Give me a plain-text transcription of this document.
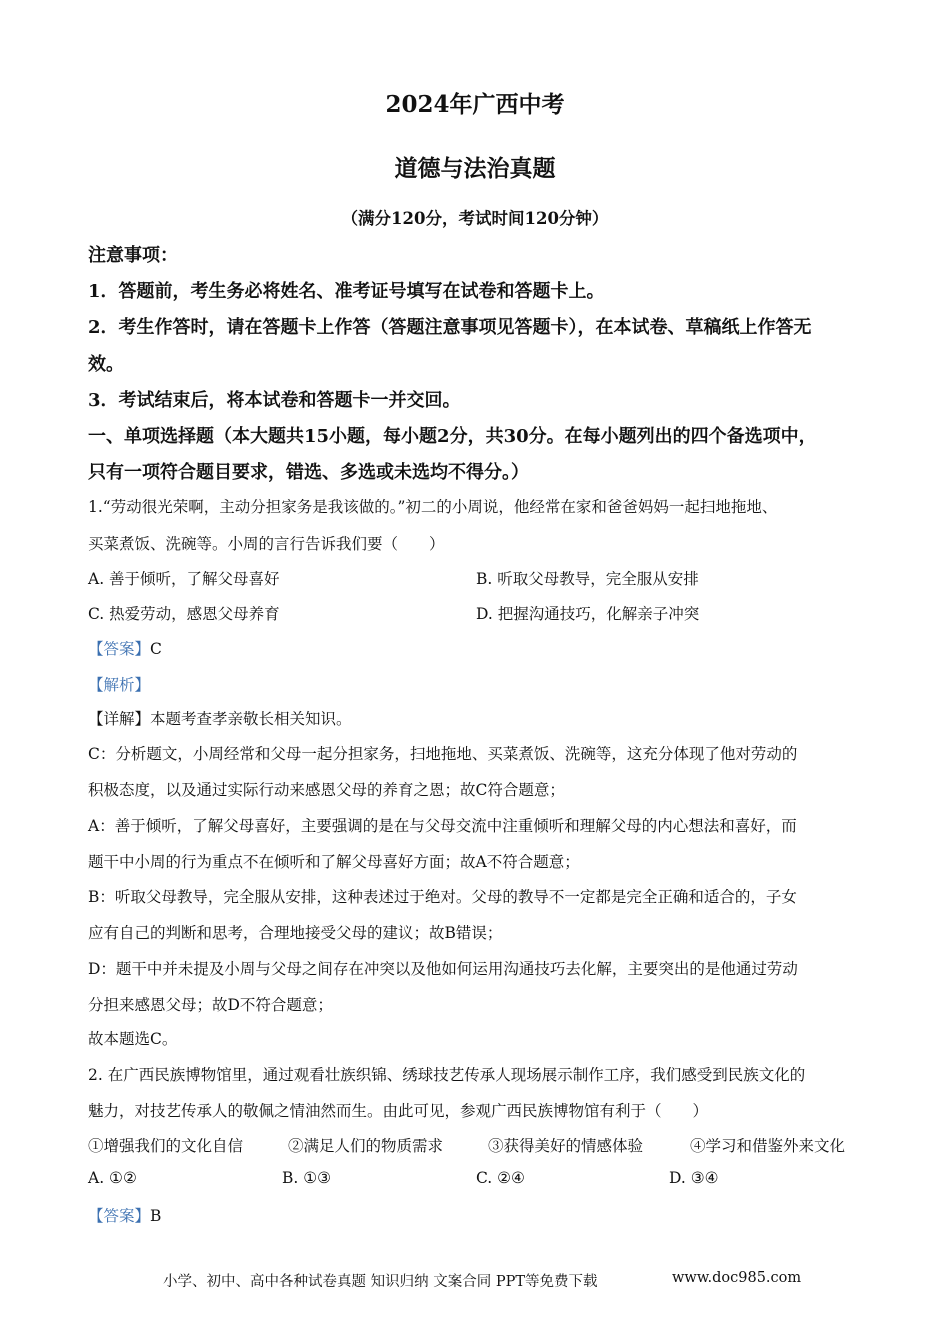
2024年广西中考
道德与法治真题
（满分120分，考试时间120分钟）
注意事项：
1．答题前，考生务必将姓名、准考证号填写在试卷和答题卡上。
2．考生作答时，请在答题卡上作答（答题注意事项见答题卡），在本试卷、草稿纸上作答无
效。
3．考试结束后，将本试卷和答题卡一并交回。
一、单项选择题（本大题共15小题，每小题2分，共30分。在每小题列出的四个备选项中，
只有一项符合题目要求，错选、多选或未选均不得分。）
1.“劳动很光荣啊，主动分担家务是我该做的。”初二的小周说，他经常在家和爸爸妈妈一起扫地拖地、
买菜煮饭、洗碗等。小周的言行告诉我们要（　　）
A. 善于倾听，了解父母喜好	B. 听取父母教导，完全服从安排
C. 热爱劳动，感恩父母养育	D. 把握沟通技巧，化解亲子冲突
【答案】C
【解析】
【详解】本题考查孝亲敬长相关知识。
C：分析题文，小周经常和父母一起分担家务，扫地拖地、买菜煮饭、洗碗等，这充分体现了他对劳动的
积极态度，以及通过实际行动来感恩父母的养育之恩；故C符合题意；
A：善于倾听，了解父母喜好，主要强调的是在与父母交流中注重倾听和理解父母的内心想法和喜好，而
题干中小周的行为重点不在倾听和了解父母喜好方面；故A不符合题意；
B：听取父母教导，完全服从安排，这种表述过于绝对。父母的教导不一定都是完全正确和适合的，子女
应有自己的判断和思考，合理地接受父母的建议；故B错误；
D：题干中并未提及小周与父母之间存在冲突以及他如何运用沟通技巧去化解，主要突出的是他通过劳动
分担来感恩父母；故D不符合题意；
故本题选C。
2. 在广西民族博物馆里，通过观看壮族织锦、绣球技艺传承人现场展示制作工序，我们感受到民族文化的
魅力，对技艺传承人的敬佩之情油然而生。由此可见，参观广西民族博物馆有利于（　　）
①增强我们的文化自信	②满足人们的物质需求	③获得美好的情感体验	④学习和借鉴外来文化
A. ①②	B. ①③	C. ②④	D. ③④
【答案】B
小学、初中、高中各种试卷真题 知识归纳 文案合同 PPT等免费下载	www.doc985.com
